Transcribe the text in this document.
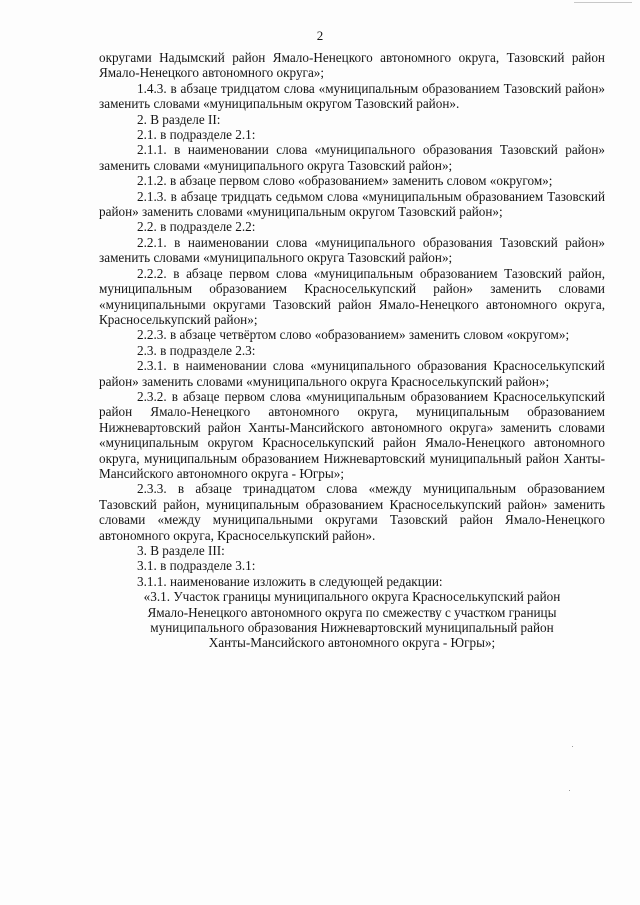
2

округами Надымский район Ямало-Ненецкого автономного округа, Тазовский район Ямало-Ненецкого автономного округа»;

1.4.3. в абзаце тридцатом слова «муниципальным образованием Тазовский район» заменить словами «муниципальным округом Тазовский район».

2. В разделе II:

2.1. в подразделе 2.1:

2.1.1. в наименовании слова «муниципального образования Тазовский район» заменить словами «муниципального округа Тазовский район»;

2.1.2. в абзаце первом слово «образованием» заменить словом «округом»;

2.1.3. в абзаце тридцать седьмом слова «муниципальным образованием Тазовский район» заменить словами «муниципальным округом Тазовский район»;

2.2. в подразделе 2.2:

2.2.1. в наименовании слова «муниципального образования Тазовский район» заменить словами «муниципального округа Тазовский район»;

2.2.2. в абзаце первом слова «муниципальным образованием Тазовский район, муниципальным образованием Красноселькупский район» заменить словами «муниципальными округами Тазовский район Ямало-Ненецкого автономного округа, Красноселькупский район»;

2.2.3. в абзаце четвёртом слово «образованием» заменить словом «округом»;

2.3. в подразделе 2.3:

2.3.1. в наименовании слова «муниципального образования Красноселькупский район» заменить словами «муниципального округа Красноселькупский район»;

2.3.2. в абзаце первом слова «муниципальным образованием Красноселькупский район Ямало-Ненецкого автономного округа, муниципальным образованием Нижневартовский район Ханты-Мансийского автономного округа» заменить словами «муниципальным округом Красноселькупский район Ямало-Ненецкого автономного округа, муниципальным образованием Нижневартовский муниципальный район Ханты-Мансийского автономного округа - Югры»;

2.3.3. в абзаце тринадцатом слова «между муниципальным образованием Тазовский район, муниципальным образованием Красноселькупский район» заменить словами «между муниципальными округами Тазовский район Ямало-Ненецкого автономного округа, Красноселькупский район».

3. В разделе III:

3.1. в подразделе 3.1:

3.1.1. наименование изложить в следующей редакции:

«3.1. Участок границы муниципального округа Красноселькупский район

Ямало-Ненецкого автономного округа по смежеству с участком границы

муниципального образования Нижневартовский муниципальный район

Ханты-Мансийского автономного округа - Югры»;
